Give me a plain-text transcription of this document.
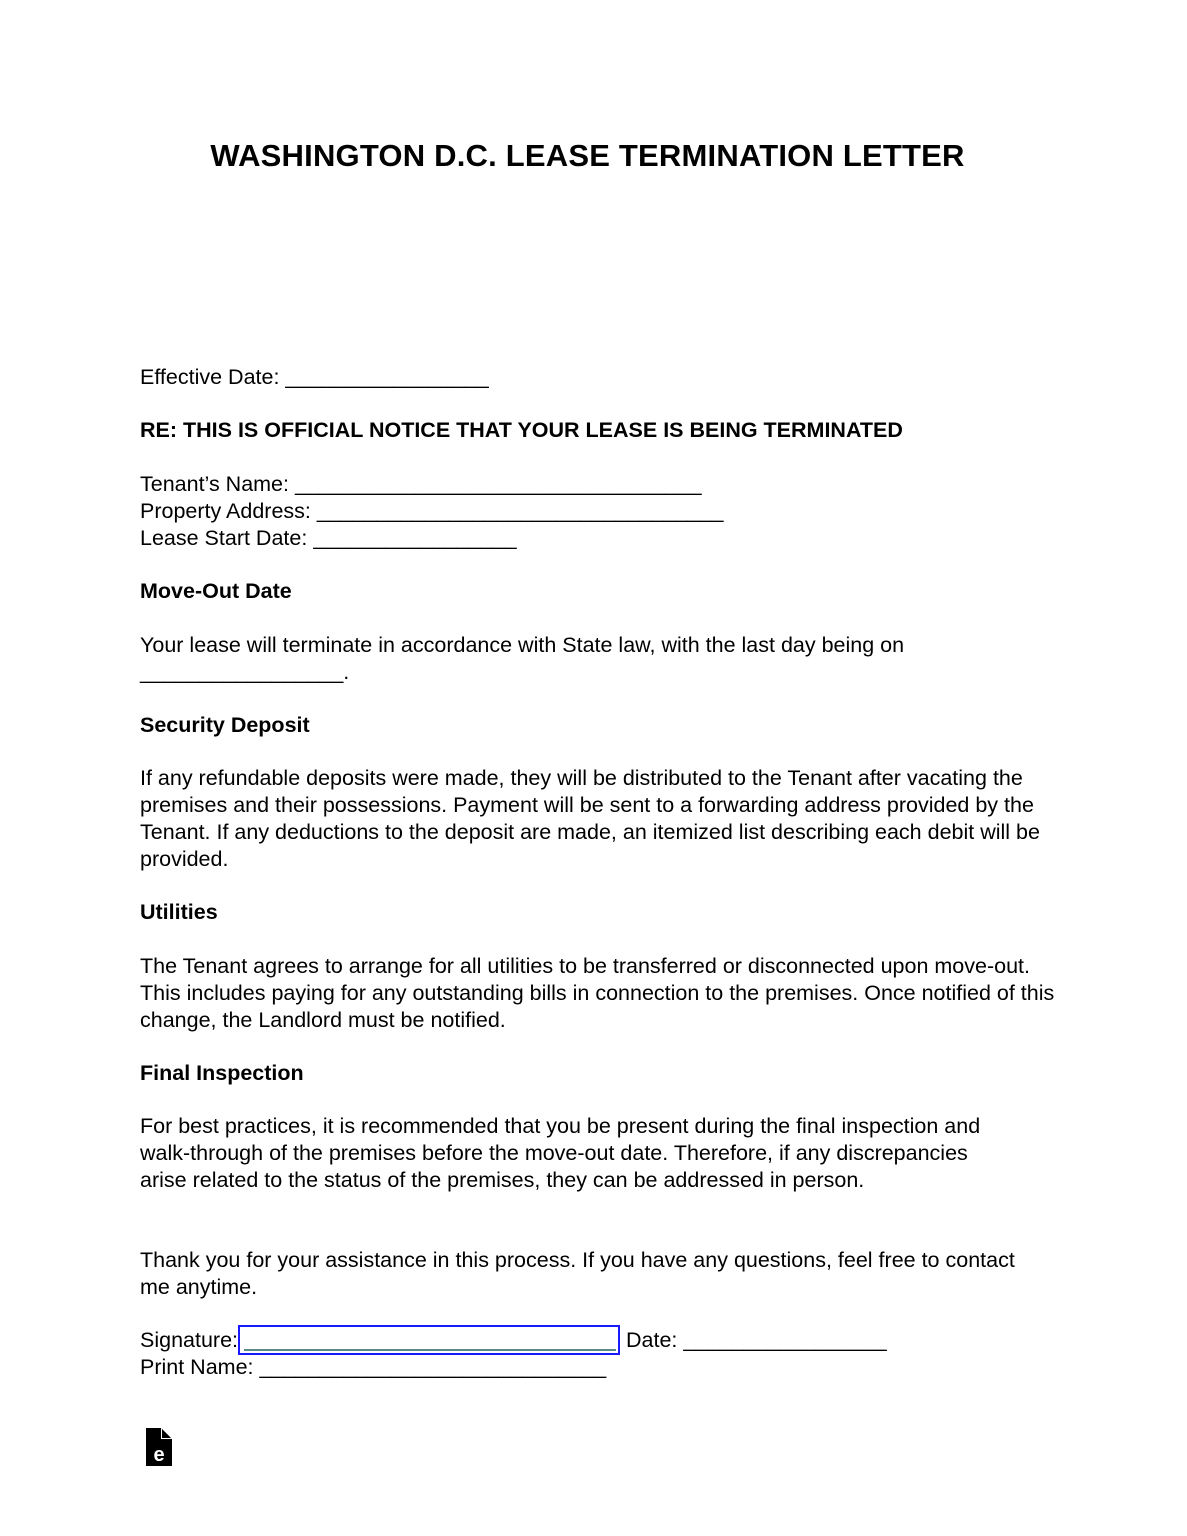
WASHINGTON D.C. LEASE TERMINATION LETTER
Effective Date: _________________
RE: THIS IS OFFICIAL NOTICE THAT YOUR LEASE IS BEING TERMINATED
Tenant’s Name: __________________________________
Property Address: __________________________________
Lease Start Date: _________________
Move-Out Date
Your lease will terminate in accordance with State law, with the last day being on _________________.
Security Deposit
If any refundable deposits were made, they will be distributed to the Tenant after vacating the premises and their possessions. Payment will be sent to a forwarding address provided by the Tenant. If any deductions to the deposit are made, an itemized list describing each debit will be provided.
Utilities
The Tenant agrees to arrange for all utilities to be transferred or disconnected upon move-out. This includes paying for any outstanding bills in connection to the premises. Once notified of this change, the Landlord must be notified.
Final Inspection
For best practices, it is recommended that you be present during the final inspection and walk-through of the premises before the move-out date. Therefore, if any discrepancies arise related to the status of the premises, they can be addressed in person.
Thank you for your assistance in this process. If you have any questions, feel free to contact me anytime.
Signature:	Date: _________________
Print Name: _____________________________
e
